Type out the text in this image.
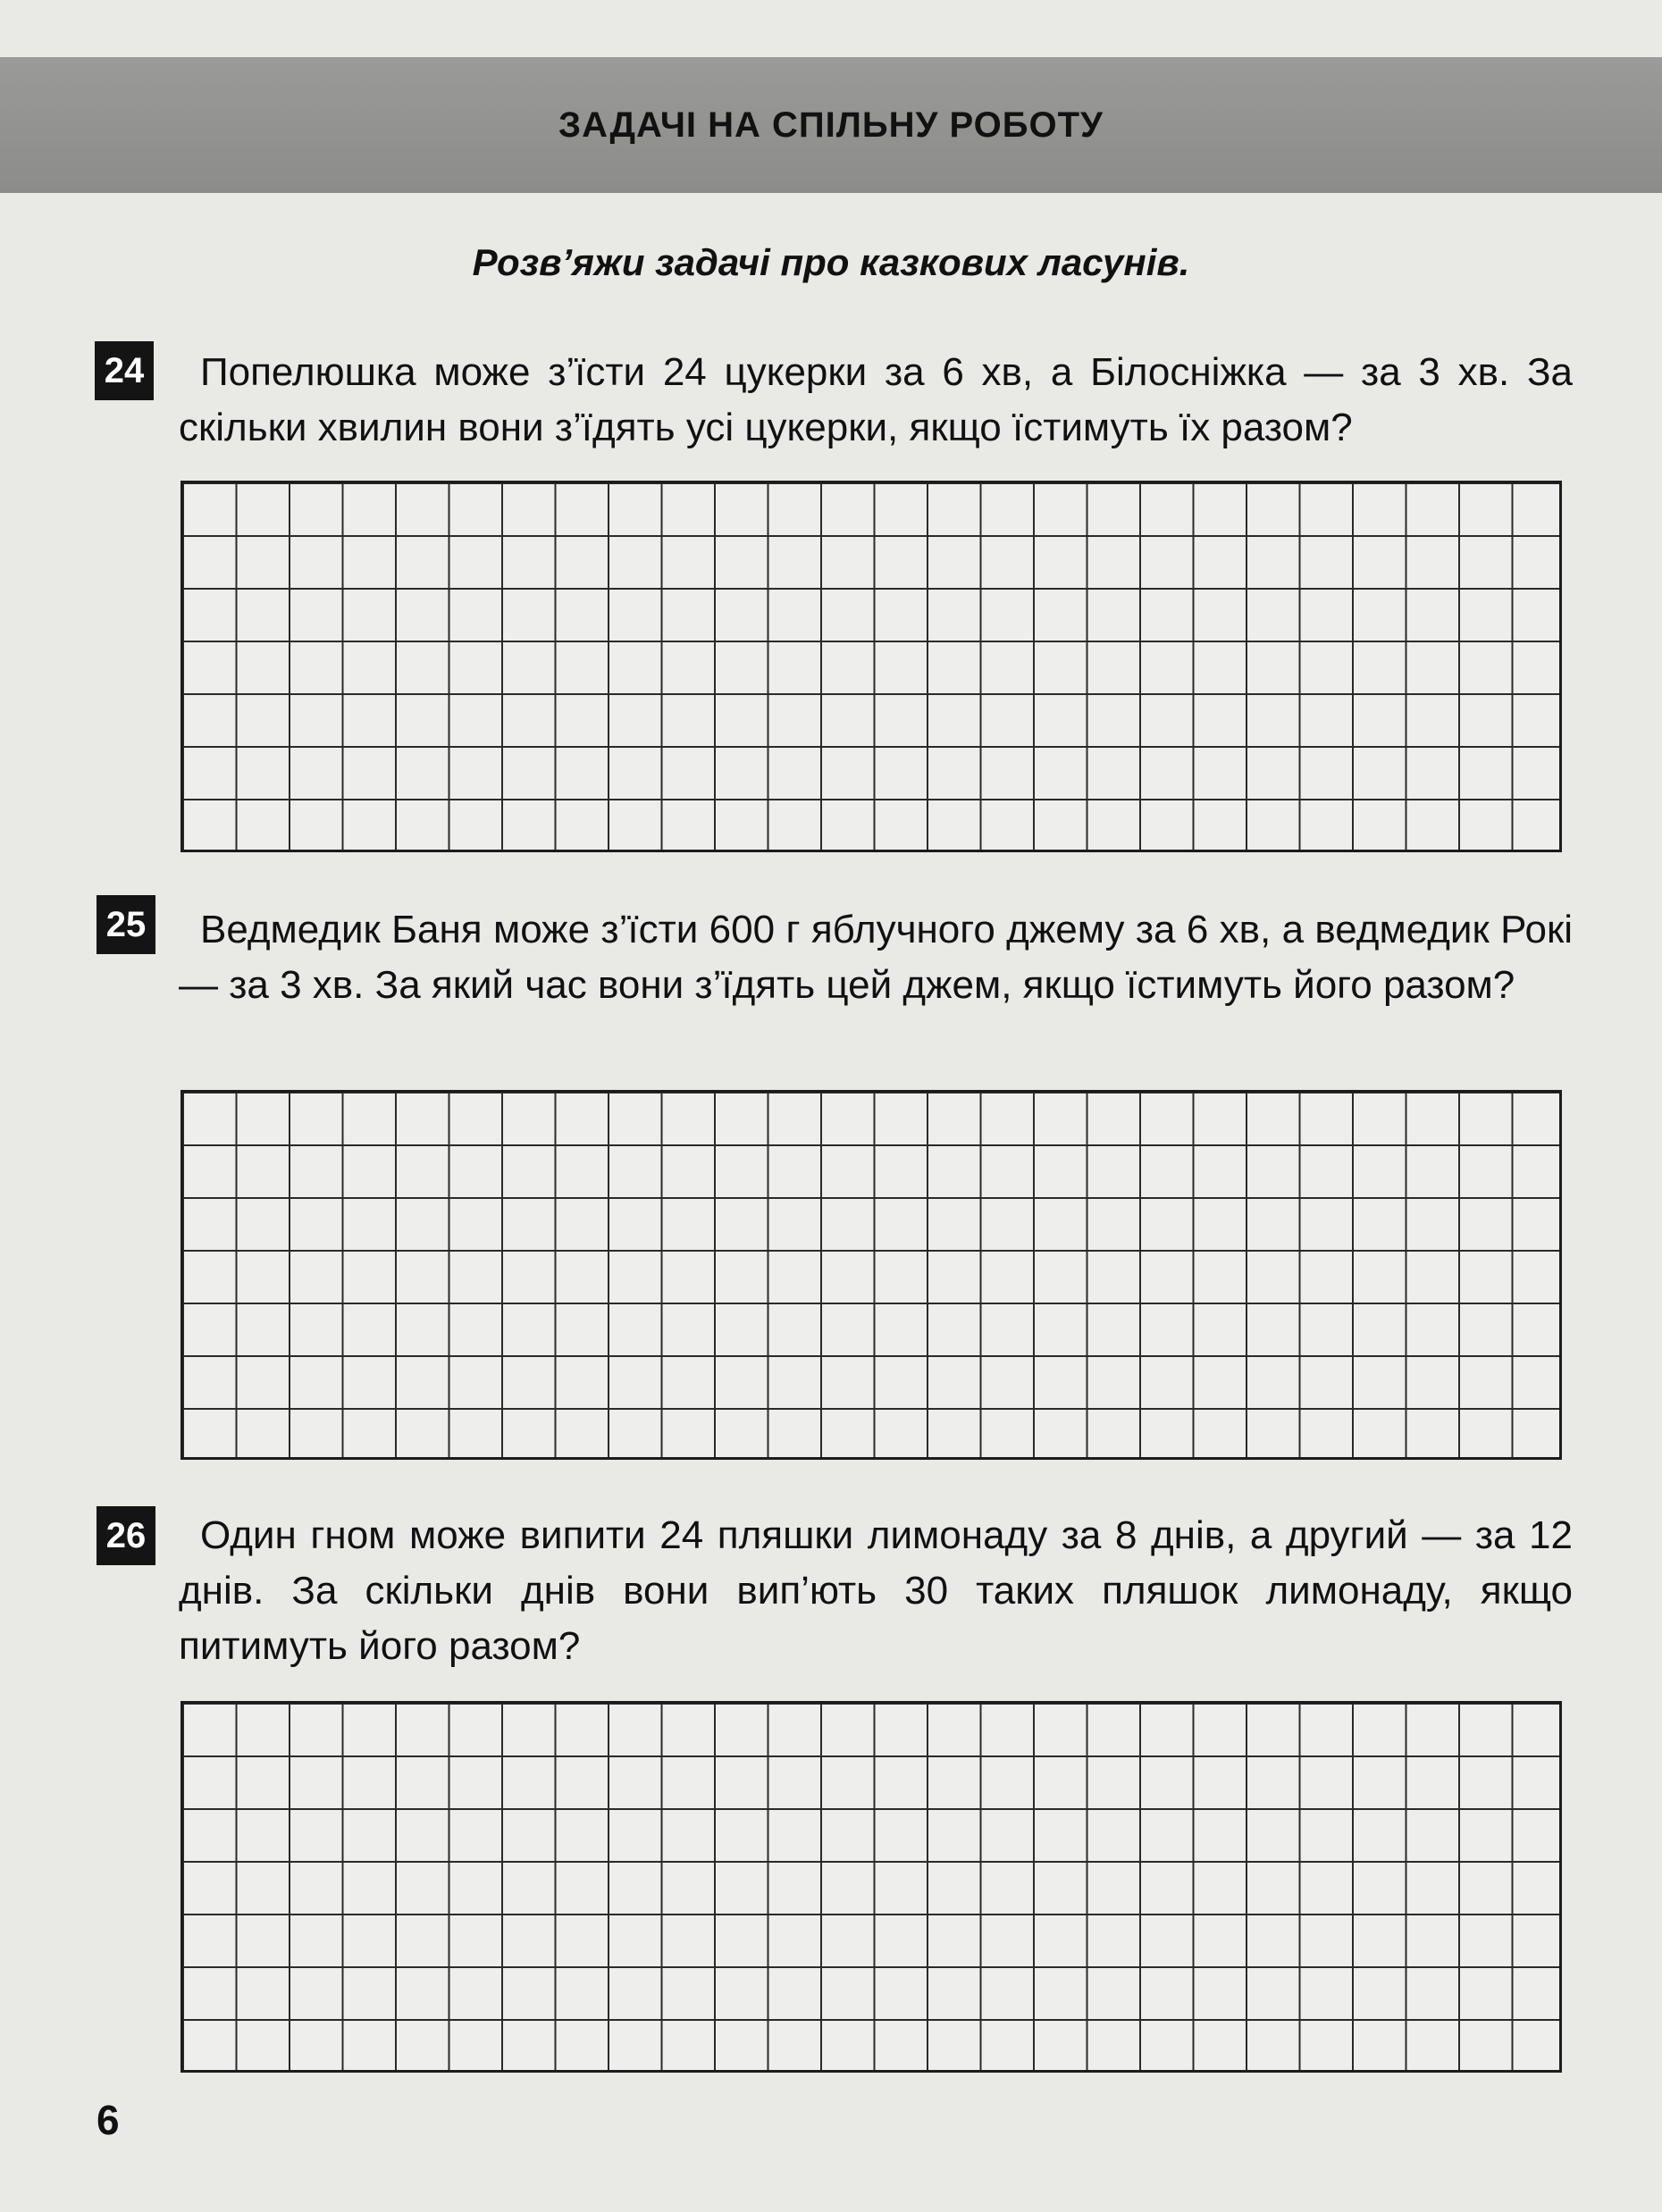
ЗАДАЧІ НА СПІЛЬНУ РОБОТУ

Розв’яжи задачі про казкових ласунів.

24	Попелюшка може з’їсти 24 цукерки за 6 хв, а Білосніжка — за 3 хв. За скільки хвилин вони з’їдять усі цукерки, якщо їстимуть їх разом?

25	Ведмедик Баня може з’їсти 600 г яблучного джему за 6 хв, а ведмедик Рокі — за 3 хв. За який час вони з’їдять цей джем, якщо їстимуть його разом?

26	Один гном може випити 24 пляшки лимонаду за 8 днів, а другий — за 12 днів. За скільки днів вони вип’ють 30 таких пляшок лимонаду, якщо питимуть його разом?

6
